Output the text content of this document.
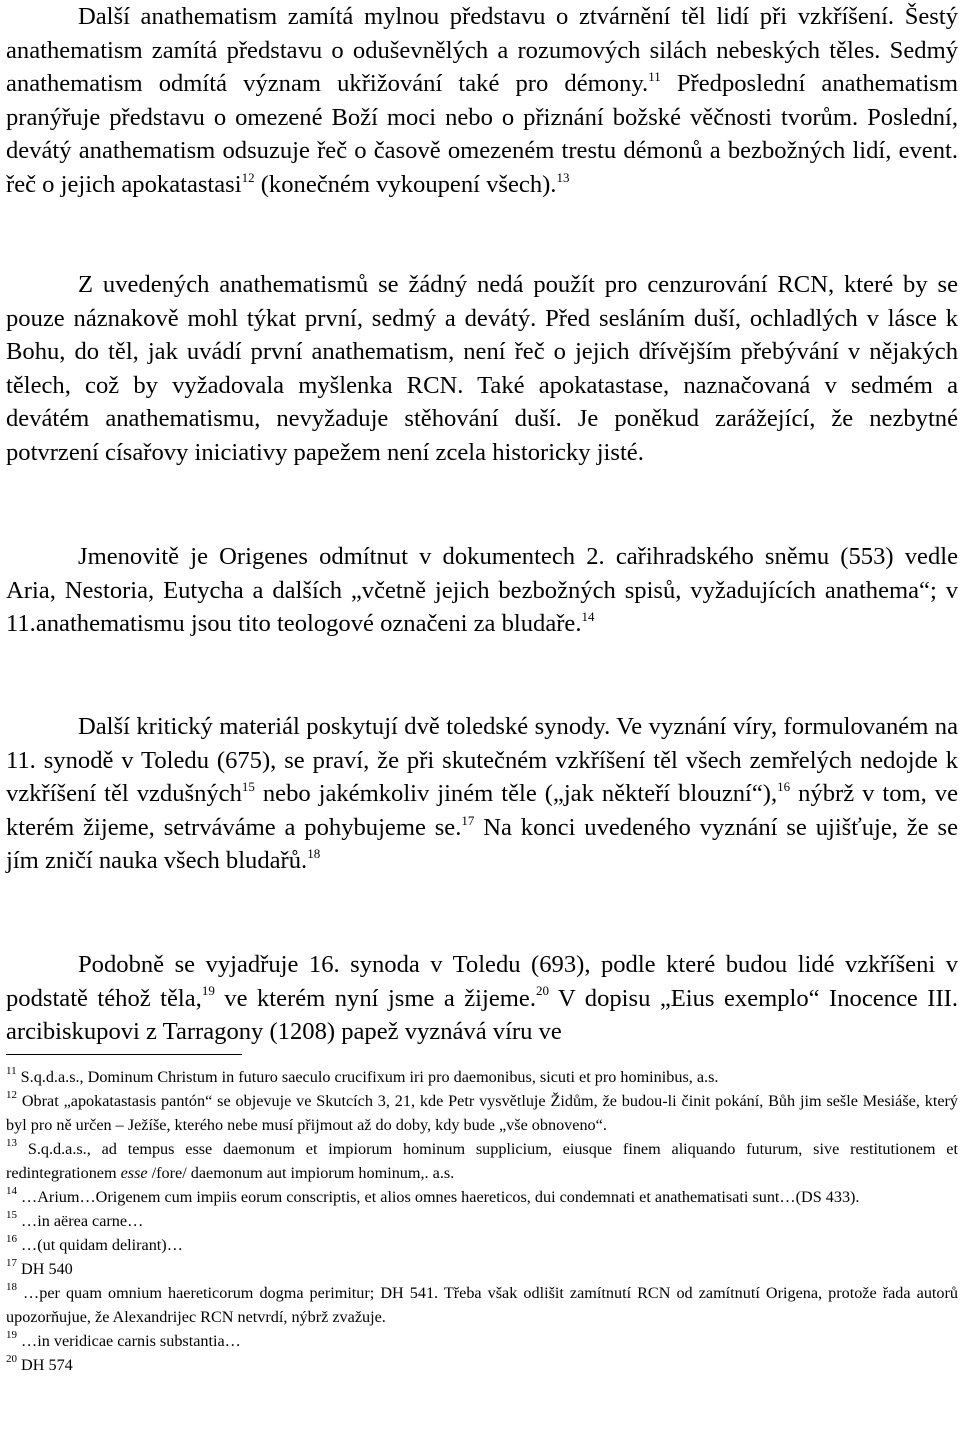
Další anathematism zamítá mylnou představu o ztvárnění těl lidí při vzkříšení. Šestý anathematism zamítá představu o oduševnělých a rozumových silách nebeských těles. Sedmý anathematism odmítá význam ukřižování také pro démony.$^{11}$ Předposlední anathematism pranýřuje představu o omezené Boží moci nebo o přiznání božské věčnosti tvorům. Poslední, devátý anathematism odsuzuje řeč o časově omezeném trestu démonů a bezbožných lidí, event. řeč o jejich apokatastasi$^{12}$ (konečném vykoupení všech).$^{13}$
Z uvedených anathematismů se žádný nedá použít pro cenzurování RCN, které by se pouze náznakově mohl týkat první, sedmý a devátý. Před sesláním duší, ochladlých v lásce k Bohu, do těl, jak uvádí první anathematism, není řeč o jejich dřívějším přebývání v nějakých tělech, což by vyžadovala myšlenka RCN. Také apokatastase, naznačovaná v sedmém a devátém anathematismu, nevyžaduje stěhování duší. Je poněkud zarážející, že nezbytné potvrzení císařovy iniciativy papežem není zcela historicky jisté.
Jmenovitě je Origenes odmítnut v dokumentech 2. cařihradského sněmu (553) vedle Aria, Nestoria, Eutycha a dalších „včetně jejich bezbožných spisů, vyžadujících anathema“; v 11.anathematismu jsou tito teologové označeni za bludaře.$^{14}$
Další kritický materiál poskytují dvě toledské synody. Ve vyznání víry, formulovaném na 11. synodě v Toledu (675), se praví, že při skutečném vzkříšení těl všech zemřelých nedojde k vzkříšení těl vzdušných$^{15}$ nebo jakémkoliv jiném těle („jak někteří blouzní“),$^{16}$ nýbrž v tom, ve kterém žijeme, setrváváme a pohybujeme se.$^{17}$ Na konci uvedeného vyznání se ujišťuje, že se jím zničí nauka všech bludařů.$^{18}$
Podobně se vyjadřuje 16. synoda v Toledu (693), podle které budou lidé vzkříšeni v podstatě téhož těla,$^{19}$ ve kterém nyní jsme a žijeme.$^{20}$ V dopisu „Eius exemplo“ Inocence III. arcibiskupovi z Tarragony (1208) papež vyznává víru ve

$^{11}$ S.q.d.a.s., Dominum Christum in futuro saeculo crucifixum iri pro daemonibus, sicuti et pro hominibus, a.s.

$^{12}$ Obrat „apokatastasis pantón“ se objevuje ve Skutcích 3, 21, kde Petr vysvětluje Židům, že budou-li činit pokání, Bůh jim sešle Mesiáše, který byl pro ně určen – Ježíše, kterého nebe musí přijmout až do doby, kdy bude „vše obnoveno“.

$^{13}$ S.q.d.a.s., ad tempus esse daemonum et impiorum hominum supplicium, eiusque finem aliquando futurum, sive restitutionem et redintegrationem esse /fore/ daemonum aut impiorum hominum,. a.s.

$^{14}$ …Arium…Origenem cum impiis eorum conscriptis, et alios omnes haereticos, dui condemnati et anathematisati sunt…(DS 433).

$^{15}$ …in aërea carne…

$^{16}$ …(ut quidam delirant)…

$^{17}$ DH 540

$^{18}$ …per quam omnium haereticorum dogma perimitur; DH 541. Třeba však odlišit zamítnutí RCN od zamítnutí Origena, protože řada autorů upozorňujue, že Alexandrijec RCN netvrdí, nýbrž zvažuje.

$^{19}$ …in veridicae carnis substantia…

$^{20}$ DH 574
